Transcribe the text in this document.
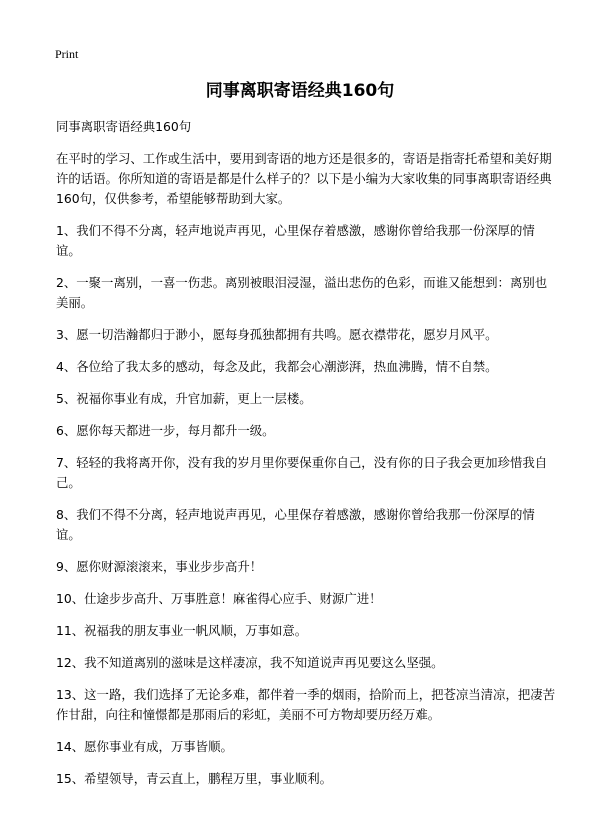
Print
同事离职寄语经典160句

同事离职寄语经典160句

在平时的学习、工作或生活中，要用到寄语的地方还是很多的，寄语是指寄托希望和美好期许的话语。你所知道的寄语是都是什么样子的？以下是小编为大家收集的同事离职寄语经典160句，仅供参考，希望能够帮助到大家。

1、我们不得不分离，轻声地说声再见，心里保存着感激，感谢你曾给我那一份深厚的情谊。

2、一聚一离别，一喜一伤悲。离别被眼泪浸湿，溢出悲伤的色彩，而谁又能想到：离别也美丽。

3、愿一切浩瀚都归于渺小，愿每身孤独都拥有共鸣。愿衣襟带花，愿岁月风平。

4、各位给了我太多的感动，每念及此，我都会心潮澎湃，热血沸腾，情不自禁。

5、祝福你事业有成，升官加薪，更上一层楼。

6、愿你每天都进一步，每月都升一级。

7、轻轻的我将离开你，没有我的岁月里你要保重你自己，没有你的日子我会更加珍惜我自己。

8、我们不得不分离，轻声地说声再见，心里保存着感激，感谢你曾给我那一份深厚的情谊。

9、愿你财源滚滚来，事业步步高升！

10、仕途步步高升、万事胜意！麻雀得心应手、财源广进！

11、祝福我的朋友事业一帆风顺，万事如意。

12、我不知道离别的滋味是这样凄凉，我不知道说声再见要这么坚强。

13、这一路，我们选择了无论多难，都伴着一季的烟雨，拾阶而上，把苍凉当清凉，把凄苦作甘甜，向往和憧憬都是那雨后的彩虹，美丽不可方物却要历经万难。

14、愿你事业有成，万事皆顺。

15、希望领导，青云直上，鹏程万里，事业顺利。
